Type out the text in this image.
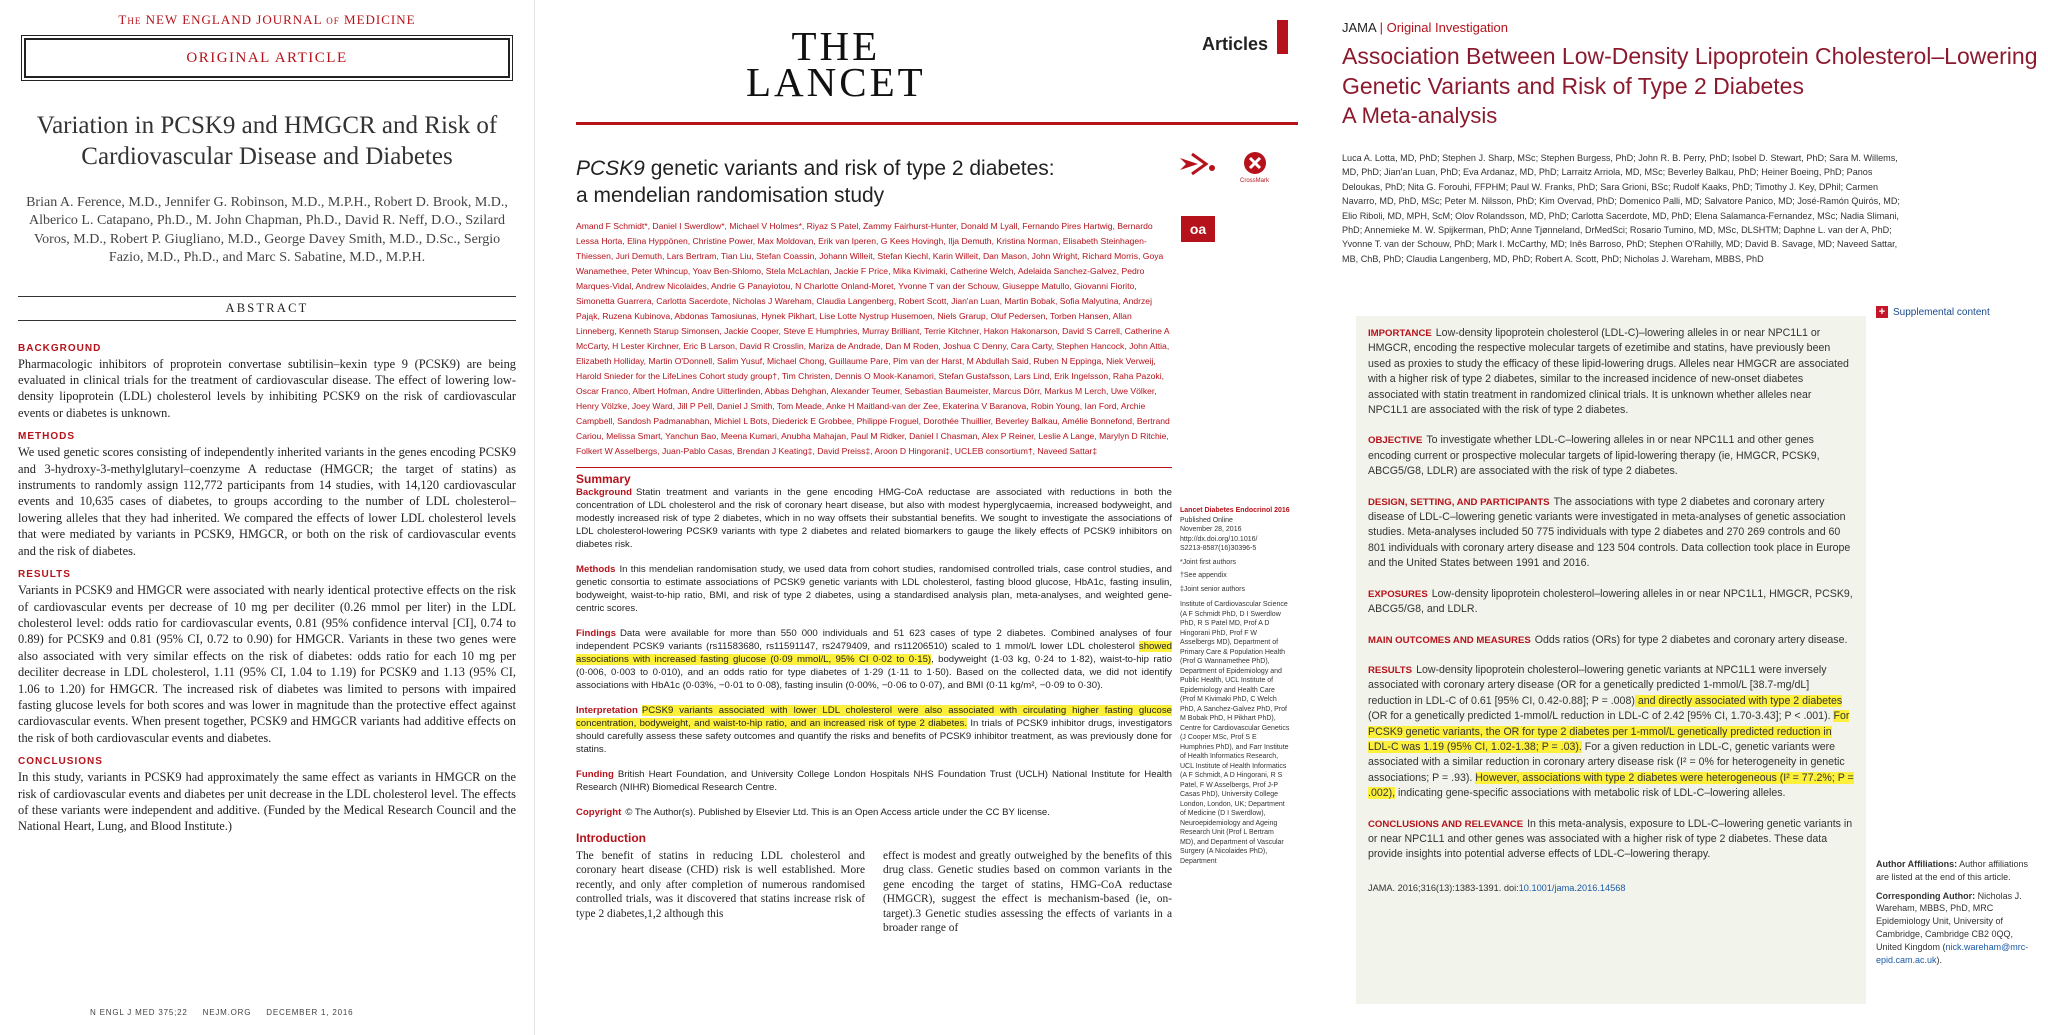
The NEW ENGLAND JOURNAL of MEDICINE
ORIGINAL ARTICLE
Variation in PCSK9 and HMGCR and Risk of Cardiovascular Disease and Diabetes
Brian A. Ference, M.D., Jennifer G. Robinson, M.D., M.P.H., Robert D. Brook, M.D., Alberico L. Catapano, Ph.D., M. John Chapman, Ph.D., David R. Neff, D.O., Szilard Voros, M.D., Robert P. Giugliano, M.D., George Davey Smith, M.D., D.Sc., Sergio Fazio, M.D., Ph.D., and Marc S. Sabatine, M.D., M.P.H.
ABSTRACT
BACKGROUND

Pharmacologic inhibitors of proprotein convertase subtilisin–kexin type 9 (PCSK9) are being evaluated in clinical trials for the treatment of cardiovascular disease. The effect of lowering low-density lipoprotein (LDL) cholesterol levels by inhibiting PCSK9 on the risk of cardiovascular events or diabetes is unknown.

METHODS

We used genetic scores consisting of independently inherited variants in the genes encoding PCSK9 and 3-hydroxy-3-methylglutaryl–coenzyme A reductase (HMGCR; the target of statins) as instruments to randomly assign 112,772 participants from 14 studies, with 14,120 cardiovascular events and 10,635 cases of diabetes, to groups according to the number of LDL cholesterol–lowering alleles that they had inherited. We compared the effects of lower LDL cholesterol levels that were mediated by variants in PCSK9, HMGCR, or both on the risk of cardiovascular events and the risk of diabetes.

RESULTS

Variants in PCSK9 and HMGCR were associated with nearly identical protective effects on the risk of cardiovascular events per decrease of 10 mg per deciliter (0.26 mmol per liter) in the LDL cholesterol level: odds ratio for cardiovascular events, 0.81 (95% confidence interval [CI], 0.74 to 0.89) for PCSK9 and 0.81 (95% CI, 0.72 to 0.90) for HMGCR. Variants in these two genes were also associated with very similar effects on the risk of diabetes: odds ratio for each 10 mg per deciliter decrease in LDL cholesterol, 1.11 (95% CI, 1.04 to 1.19) for PCSK9 and 1.13 (95% CI, 1.06 to 1.20) for HMGCR. The increased risk of diabetes was limited to persons with impaired fasting glucose levels for both scores and was lower in magnitude than the protective effect against cardiovascular events. When present together, PCSK9 and HMGCR variants had additive effects on the risk of both cardiovascular events and diabetes.

CONCLUSIONS

In this study, variants in PCSK9 had approximately the same effect as variants in HMGCR on the risk of cardiovascular events and diabetes per unit decrease in the LDL cholesterol level. The effects of these variants were independent and additive. (Funded by the Medical Research Council and the National Heart, Lung, and Blood Institute.)

N ENGL J MED 375;22 NEJM.ORG DECEMBER 1, 2016
THE
LANCET
Articles
PCSK9 genetic variants and risk of type 2 diabetes: a mendelian randomisation study
CrossMark
oa
Amand F Schmidt*, Daniel I Swerdlow*, Michael V Holmes*, Riyaz S Patel, Zammy Fairhurst-Hunter, Donald M Lyall, Fernando Pires Hartwig, Bernardo Lessa Horta, Elina Hyppönen, Christine Power, Max Moldovan, Erik van Iperen, G Kees Hovingh, Ilja Demuth, Kristina Norman, Elisabeth Steinhagen-Thiessen, Juri Demuth, Lars Bertram, Tian Liu, Stefan Coassin, Johann Willeit, Stefan Kiechl, Karin Willeit, Dan Mason, John Wright, Richard Morris, Goya Wanamethee, Peter Whincup, Yoav Ben-Shlomo, Stela McLachlan, Jackie F Price, Mika Kivimaki, Catherine Welch, Adelaida Sanchez-Galvez, Pedro Marques-Vidal, Andrew Nicolaides, Andrie G Panayiotou, N Charlotte Onland-Moret, Yvonne T van der Schouw, Giuseppe Matullo, Giovanni Fiorito, Simonetta Guarrera, Carlotta Sacerdote, Nicholas J Wareham, Claudia Langenberg, Robert Scott, Jian'an Luan, Martin Bobak, Sofia Malyutina, Andrzej Pająk, Ruzena Kubinova, Abdonas Tamosiunas, Hynek Pikhart, Lise Lotte Nystrup Husemoen, Niels Grarup, Oluf Pedersen, Torben Hansen, Allan Linneberg, Kenneth Starup Simonsen, Jackie Cooper, Steve E Humphries, Murray Brilliant, Terrie Kitchner, Hakon Hakonarson, David S Carrell, Catherine A McCarty, H Lester Kirchner, Eric B Larson, David R Crosslin, Mariza de Andrade, Dan M Roden, Joshua C Denny, Cara Carty, Stephen Hancock, John Attia, Elizabeth Holliday, Martin O'Donnell, Salim Yusuf, Michael Chong, Guillaume Pare, Pim van der Harst, M Abdullah Said, Ruben N Eppinga, Niek Verweij, Harold Snieder for the LifeLines Cohort study group†, Tim Christen, Dennis O Mook-Kanamori, Stefan Gustafsson, Lars Lind, Erik Ingelsson, Raha Pazoki, Oscar Franco, Albert Hofman, Andre Uitterlinden, Abbas Dehghan, Alexander Teumer, Sebastian Baumeister, Marcus Dörr, Markus M Lerch, Uwe Völker, Henry Völzke, Joey Ward, Jill P Pell, Daniel J Smith, Tom Meade, Anke H Maitland-van der Zee, Ekaterina V Baranova, Robin Young, Ian Ford, Archie Campbell, Sandosh Padmanabhan, Michiel L Bots, Diederick E Grobbee, Philippe Froguel, Dorothée Thuillier, Beverley Balkau, Amélie Bonnefond, Bertrand Cariou, Melissa Smart, Yanchun Bao, Meena Kumari, Anubha Mahajan, Paul M Ridker, Daniel I Chasman, Alex P Reiner, Leslie A Lange, Marylyn D Ritchie, Folkert W Asselbergs, Juan-Pablo Casas, Brendan J Keating‡, David Preiss‡, Aroon D Hingorani‡, UCLEB consortium†, Naveed Sattar‡
Summary

Background Statin treatment and variants in the gene encoding HMG-CoA reductase are associated with reductions in both the concentration of LDL cholesterol and the risk of coronary heart disease, but also with modest hyperglycaemia, increased bodyweight, and modestly increased risk of type 2 diabetes, which in no way offsets their substantial benefits. We sought to investigate the associations of LDL cholesterol-lowering PCSK9 variants with type 2 diabetes and related biomarkers to gauge the likely effects of PCSK9 inhibitors on diabetes risk.

Methods In this mendelian randomisation study, we used data from cohort studies, randomised controlled trials, case control studies, and genetic consortia to estimate associations of PCSK9 genetic variants with LDL cholesterol, fasting blood glucose, HbA1c, fasting insulin, bodyweight, waist-to-hip ratio, BMI, and risk of type 2 diabetes, using a standardised analysis plan, meta-analyses, and weighted gene-centric scores.

Findings Data were available for more than 550 000 individuals and 51 623 cases of type 2 diabetes. Combined analyses of four independent PCSK9 variants (rs11583680, rs11591147, rs2479409, and rs11206510) scaled to 1 mmol/L lower LDL cholesterol showed associations with increased fasting glucose (0·09 mmol/L, 95% CI 0·02 to 0·15), bodyweight (1·03 kg, 0·24 to 1·82), waist-to-hip ratio (0·006, 0·003 to 0·010), and an odds ratio for type diabetes of 1·29 (1·11 to 1·50). Based on the collected data, we did not identify associations with HbA1c (0·03%, −0·01 to 0·08), fasting insulin (0·00%, −0·06 to 0·07), and BMI (0·11 kg/m², −0·09 to 0·30).

Interpretation PCSK9 variants associated with lower LDL cholesterol were also associated with circulating higher fasting glucose concentration, bodyweight, and waist-to-hip ratio, and an increased risk of type 2 diabetes. In trials of PCSK9 inhibitor drugs, investigators should carefully assess these safety outcomes and quantify the risks and benefits of PCSK9 inhibitor treatment, as was previously done for statins.

Funding British Heart Foundation, and University College London Hospitals NHS Foundation Trust (UCLH) National Institute for Health Research (NIHR) Biomedical Research Centre.

Copyright © The Author(s). Published by Elsevier Ltd. This is an Open Access article under the CC BY license.

Introduction

The benefit of statins in reducing LDL cholesterol and coronary heart disease (CHD) risk is well established. More recently, and only after completion of numerous randomised controlled trials, was it discovered that statins increase risk of type 2 diabetes,1,2 although this

effect is modest and greatly outweighed by the benefits of this drug class. Genetic studies based on common variants in the gene encoding the target of statins, HMG-CoA reductase (HMGCR), suggest the effect is mechanism-based (ie, on-target).3 Genetic studies assessing the effects of variants in a broader range of

Lancet Diabetes Endocrinol 2016
Published Online
November 28, 2016
http://dx.doi.org/10.1016/
S2213-8587(16)30396-5
*Joint first authors
†See appendix
‡Joint senior authors
Institute of Cardiovascular Science (A F Schmidt PhD, D I Swerdlow PhD, R S Patel MD, Prof A D Hingorani PhD, Prof F W Asselbergs MD), Department of Primary Care & Population Health (Prof G Wannamethee PhD), Department of Epidemiology and Public Health, UCL Institute of Epidemiology and Health Care (Prof M Kivimaki PhD, C Welch PhD, A Sanchez-Galvez PhD, Prof M Bobak PhD, H Pikhart PhD), Centre for Cardiovascular Genetics (J Cooper MSc, Prof S E Humphries PhD), and Farr Institute of Health Informatics Research, UCL Institute of Health Informatics (A F Schmidt, A D Hingorani, R S Patel, F W Asselbergs, Prof J-P Casas PhD), University College London, London, UK; Department of Medicine (D I Swerdlow), Neuroepidemiology and Ageing Research Unit (Prof L Bertram MD), and Department of Vascular Surgery (A Nicolaides PhD), Department
JAMA | Original Investigation
Association Between Low-Density Lipoprotein Cholesterol–Lowering Genetic Variants and Risk of Type 2 Diabetes
A Meta-analysis
Luca A. Lotta, MD, PhD; Stephen J. Sharp, MSc; Stephen Burgess, PhD; John R. B. Perry, PhD; Isobel D. Stewart, PhD; Sara M. Willems, MD, PhD; Jian'an Luan, PhD; Eva Ardanaz, MD, PhD; Larraitz Arriola, MD, MSc; Beverley Balkau, PhD; Heiner Boeing, PhD; Panos Deloukas, PhD; Nita G. Forouhi, FFPHM; Paul W. Franks, PhD; Sara Grioni, BSc; Rudolf Kaaks, PhD; Timothy J. Key, DPhil; Carmen Navarro, MD, PhD, MSc; Peter M. Nilsson, PhD; Kim Overvad, PhD; Domenico Palli, MD; Salvatore Panico, MD; José-Ramón Quirós, MD; Elio Riboli, MD, MPH, ScM; Olov Rolandsson, MD, PhD; Carlotta Sacerdote, MD, PhD; Elena Salamanca-Fernandez, MSc; Nadia Slimani, PhD; Annemieke M. W. Spijkerman, PhD; Anne Tjønneland, DrMedSci; Rosario Tumino, MD, MSc, DLSHTM; Daphne L. van der A, PhD; Yvonne T. van der Schouw, PhD; Mark I. McCarthy, MD; Inês Barroso, PhD; Stephen O'Rahilly, MD; David B. Savage, MD; Naveed Sattar, MB, ChB, PhD; Claudia Langenberg, MD, PhD; Robert A. Scott, PhD; Nicholas J. Wareham, MBBS, PhD
+ Supplemental content

IMPORTANCE Low-density lipoprotein cholesterol (LDL-C)–lowering alleles in or near NPC1L1 or HMGCR, encoding the respective molecular targets of ezetimibe and statins, have previously been used as proxies to study the efficacy of these lipid-lowering drugs. Alleles near HMGCR are associated with a higher risk of type 2 diabetes, similar to the increased incidence of new-onset diabetes associated with statin treatment in randomized clinical trials. It is unknown whether alleles near NPC1L1 are associated with the risk of type 2 diabetes.

OBJECTIVE To investigate whether LDL-C–lowering alleles in or near NPC1L1 and other genes encoding current or prospective molecular targets of lipid-lowering therapy (ie, HMGCR, PCSK9, ABCG5/G8, LDLR) are associated with the risk of type 2 diabetes.

DESIGN, SETTING, AND PARTICIPANTS The associations with type 2 diabetes and coronary artery disease of LDL-C–lowering genetic variants were investigated in meta-analyses of genetic association studies. Meta-analyses included 50 775 individuals with type 2 diabetes and 270 269 controls and 60 801 individuals with coronary artery disease and 123 504 controls. Data collection took place in Europe and the United States between 1991 and 2016.

EXPOSURES Low-density lipoprotein cholesterol–lowering alleles in or near NPC1L1, HMGCR, PCSK9, ABCG5/G8, and LDLR.

MAIN OUTCOMES AND MEASURES Odds ratios (ORs) for type 2 diabetes and coronary artery disease.

RESULTS Low-density lipoprotein cholesterol–lowering genetic variants at NPC1L1 were inversely associated with coronary artery disease (OR for a genetically predicted 1-mmol/L [38.7-mg/dL] reduction in LDL-C of 0.61 [95% CI, 0.42-0.88]; P = .008) and directly associated with type 2 diabetes (OR for a genetically predicted 1-mmol/L reduction in LDL-C of 2.42 [95% CI, 1.70-3.43]; P < .001). For PCSK9 genetic variants, the OR for type 2 diabetes per 1-mmol/L genetically predicted reduction in LDL-C was 1.19 (95% CI, 1.02-1.38; P = .03). For a given reduction in LDL-C, genetic variants were associated with a similar reduction in coronary artery disease risk (I² = 0% for heterogeneity in genetic associations; P = .93). However, associations with type 2 diabetes were heterogeneous (I² = 77.2%; P = .002), indicating gene-specific associations with metabolic risk of LDL-C–lowering alleles.

CONCLUSIONS AND RELEVANCE In this meta-analysis, exposure to LDL-C–lowering genetic variants in or near NPC1L1 and other genes was associated with a higher risk of type 2 diabetes. These data provide insights into potential adverse effects of LDL-C–lowering therapy.

JAMA. 2016;316(13):1383-1391. doi:10.1001/jama.2016.14568

Author Affiliations: Author affiliations are listed at the end of this article.

Corresponding Author: Nicholas J. Wareham, MBBS, PhD, MRC Epidemiology Unit, University of Cambridge, Cambridge CB2 0QQ, United Kingdom (nick.wareham@mrc-epid.cam.ac.uk).
